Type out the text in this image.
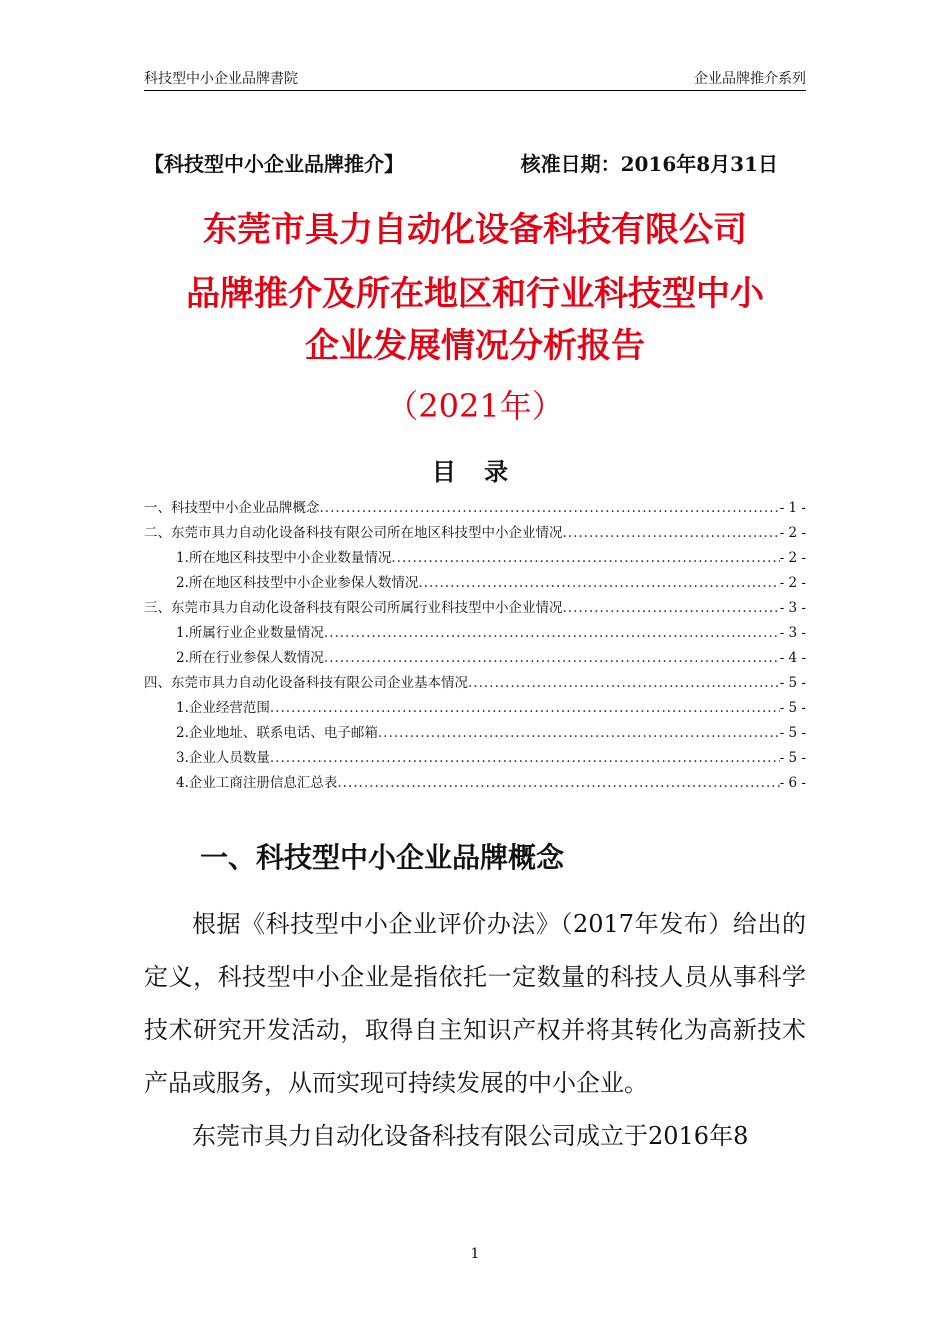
科技型中小企业品牌書院	企业品牌推介系列
【科技型中小企业品牌推介】	核准日期：2016年8月31日
东莞市具力自动化设备科技有限公司
品牌推介及所在地区和行业科技型中小
企业发展情况分析报告
（2021年）
目 录
一、科技型中小企业品牌概念 .....	- 1 -
二、东莞市具力自动化设备科技有限公司所在地区科技型中小企业情况 .....	- 2 -
1.所在地区科技型中小企业数量情况 .....	- 2 -
2.所在地区科技型中小企业参保人数情况 .....	- 2 -
三、东莞市具力自动化设备科技有限公司所属行业科技型中小企业情况 .....	- 3 -
1.所属行业企业数量情况 .....	- 3 -
2.所在行业参保人数情况 .....	- 4 -
四、东莞市具力自动化设备科技有限公司企业基本情况 .....	- 5 -
1.企业经营范围 .....	- 5 -
2.企业地址、联系电话、电子邮箱 .....	- 5 -
3.企业人员数量 .....	- 5 -
4.企业工商注册信息汇总表 .....	- 6 -
一、科技型中小企业品牌概念

根据《科技型中小企业评价办法》（2017年发布）给出的定义，科技型中小企业是指依托一定数量的科技人员从事科学技术研究开发活动，取得自主知识产权并将其转化为高新技术产品或服务，从而实现可持续发展的中小企业。

东莞市具力自动化设备科技有限公司成立于2016年8

1
